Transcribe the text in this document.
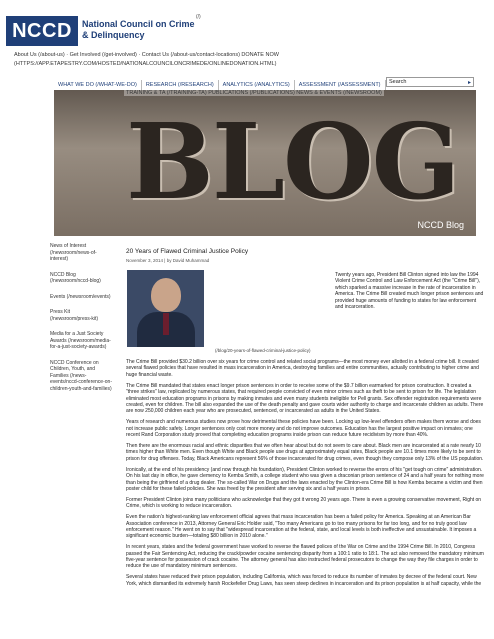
NCCD	National Council on Crime & Delinquency
(/)
About Us (/about-us) · Get Involved (/get-involved) · Contact Us (/about-us/contact-locations) DONATE NOW (HTTPS://APP.ETAPESTRY.COM/HOSTED/NATIONALCOUNCILONCRIMEDE/ONLINEDONATION.HTML)
WHAT WE DO (/WHAT-WE-DO)	RESEARCH (/RESEARCH)	ANALYTICS (/ANALYTICS)	ASSESSMENT (/ASSESSMENT)	Search	▸
BLOG
TRAINING & TA (/TRAINING-TA) PUBLICATIONS (/PUBLICATIONS) NEWS & EVENTS (/NEWSROOM)
NCCD Blog
News of Interest (/newsroom/news-of-interest)
NCCD Blog (/newsroom/nccd-blog)
Events (/newsroom/events)
Press Kit (/newsroom/press-kit)
Media for a Just Society Awards (/newsroom/media-for-a-just-society-awards)
NCCD Conference on Children, Youth, and Families (/news-events/nccd-conference-on-children-youth-and-families)
20 Years of Flawed Criminal Justice Policy
November 3, 2014 | by David Muhammad
(/blog/20-years-of-flawed-criminal-justice-policy)
Twenty years ago, President Bill Clinton signed into law the 1994 Violent Crime Control and Law Enforcement Act (the "Crime Bill"), which sparked a massive increase in the rate of incarceration in America. The Crime Bill created much longer prison sentences and provided huge amounts of funding to states for law enforcement and incarceration.

The Crime Bill provided $30.2 billion over six years for crime control and related social programs—the most money ever allotted in a federal crime bill. It created several flawed policies that have resulted in mass incarceration in America, destroying families and entire communities, actually contributing to higher crime and huge financial waste.

The Crime Bill mandated that states enact longer prison sentences in order to receive some of the $9.7 billion earmarked for prison construction. It created a "three strikes" law, replicated by numerous states, that required people convicted of even minor crimes such as theft to be sent to prison for life. The legislation eliminated most education programs in prisons by making inmates and even many students ineligible for Pell grants. Sex offender registration requirements were created, even for children. The bill also expanded the use of the death penalty and gave courts wider authority to charge and incarcerate children as adults. There are now 250,000 children each year who are prosecuted, sentenced, or incarcerated as adults in the United States.

Years of research and numerous studies now prove how detrimental these policies have been. Locking up low-level offenders often makes them worse and does not increase public safety. Longer sentences only cost more money and do not improve outcomes. Education has the largest positive impact on inmates; one recent Rand Corporation study proved that completing education programs inside prison can reduce future recidivism by more than 40%.

Then there are the enormous racial and ethnic disparities that we often hear about but do not seem to care about. Black men are incarcerated at a rate nearly 10 times higher than White men. Even though White and Black people use drugs at approximately equal rates, Black people are 10.1 times more likely to be sent to prison for drug offenses. Today, Black Americans represent 56% of those incarcerated for drug crimes, even though they compose only 13% of the US population.

Ironically, at the end of his presidency (and now through his foundation), President Clinton worked to reverse the errors of his "get tough on crime" administration. On his last day in office, he gave clemency to Kemba Smith, a college student who was given a draconian prison sentence of 24 and a half years for nothing more than being the girlfriend of a drug dealer. The so-called War on Drugs and the laws enacted by the Clinton-era Crime Bill is how Kemba became a victim and then poster child for these failed policies. She was freed by the president after serving six and a half years in prison.

Former President Clinton joins many politicians who acknowledge that they got it wrong 20 years ago. There is even a growing conservative movement, Right on Crime, which is working to reduce incarceration.

Even the nation's highest-ranking law enforcement official agrees that mass incarceration has been a failed policy for America. Speaking at an American Bar Association conference in 2013, Attorney General Eric Holder said, "Too many Americans go to too many prisons for far too long, and for no truly good law enforcement reason." He went on to say that "widespread incarceration at the federal, state, and local levels is both ineffective and unsustainable. It imposes a significant economic burden—totaling $80 billion in 2010 alone."

In recent years, states and the federal government have worked to reverse the flawed polices of the War on Crime and the 1994 Crime Bill. In 2010, Congress passed the Fair Sentencing Act, reducing the crack/powder cocaine sentencing disparity from a 100:1 ratio to 18:1. The act also removed the mandatory minimum five-year sentence for possession of crack cocaine. The attorney general has also instructed federal prosecutors to change the way they file charges in order to reduce the use of mandatory minimum sentences.

Several states have reduced their prison population, including California, which was forced to reduce its number of inmates by decree of the federal court. New York, which dismantled its extremely harsh Rockefeller Drug Laws, has seen steep declines in incarceration and its prison population is at half capacity, while the
